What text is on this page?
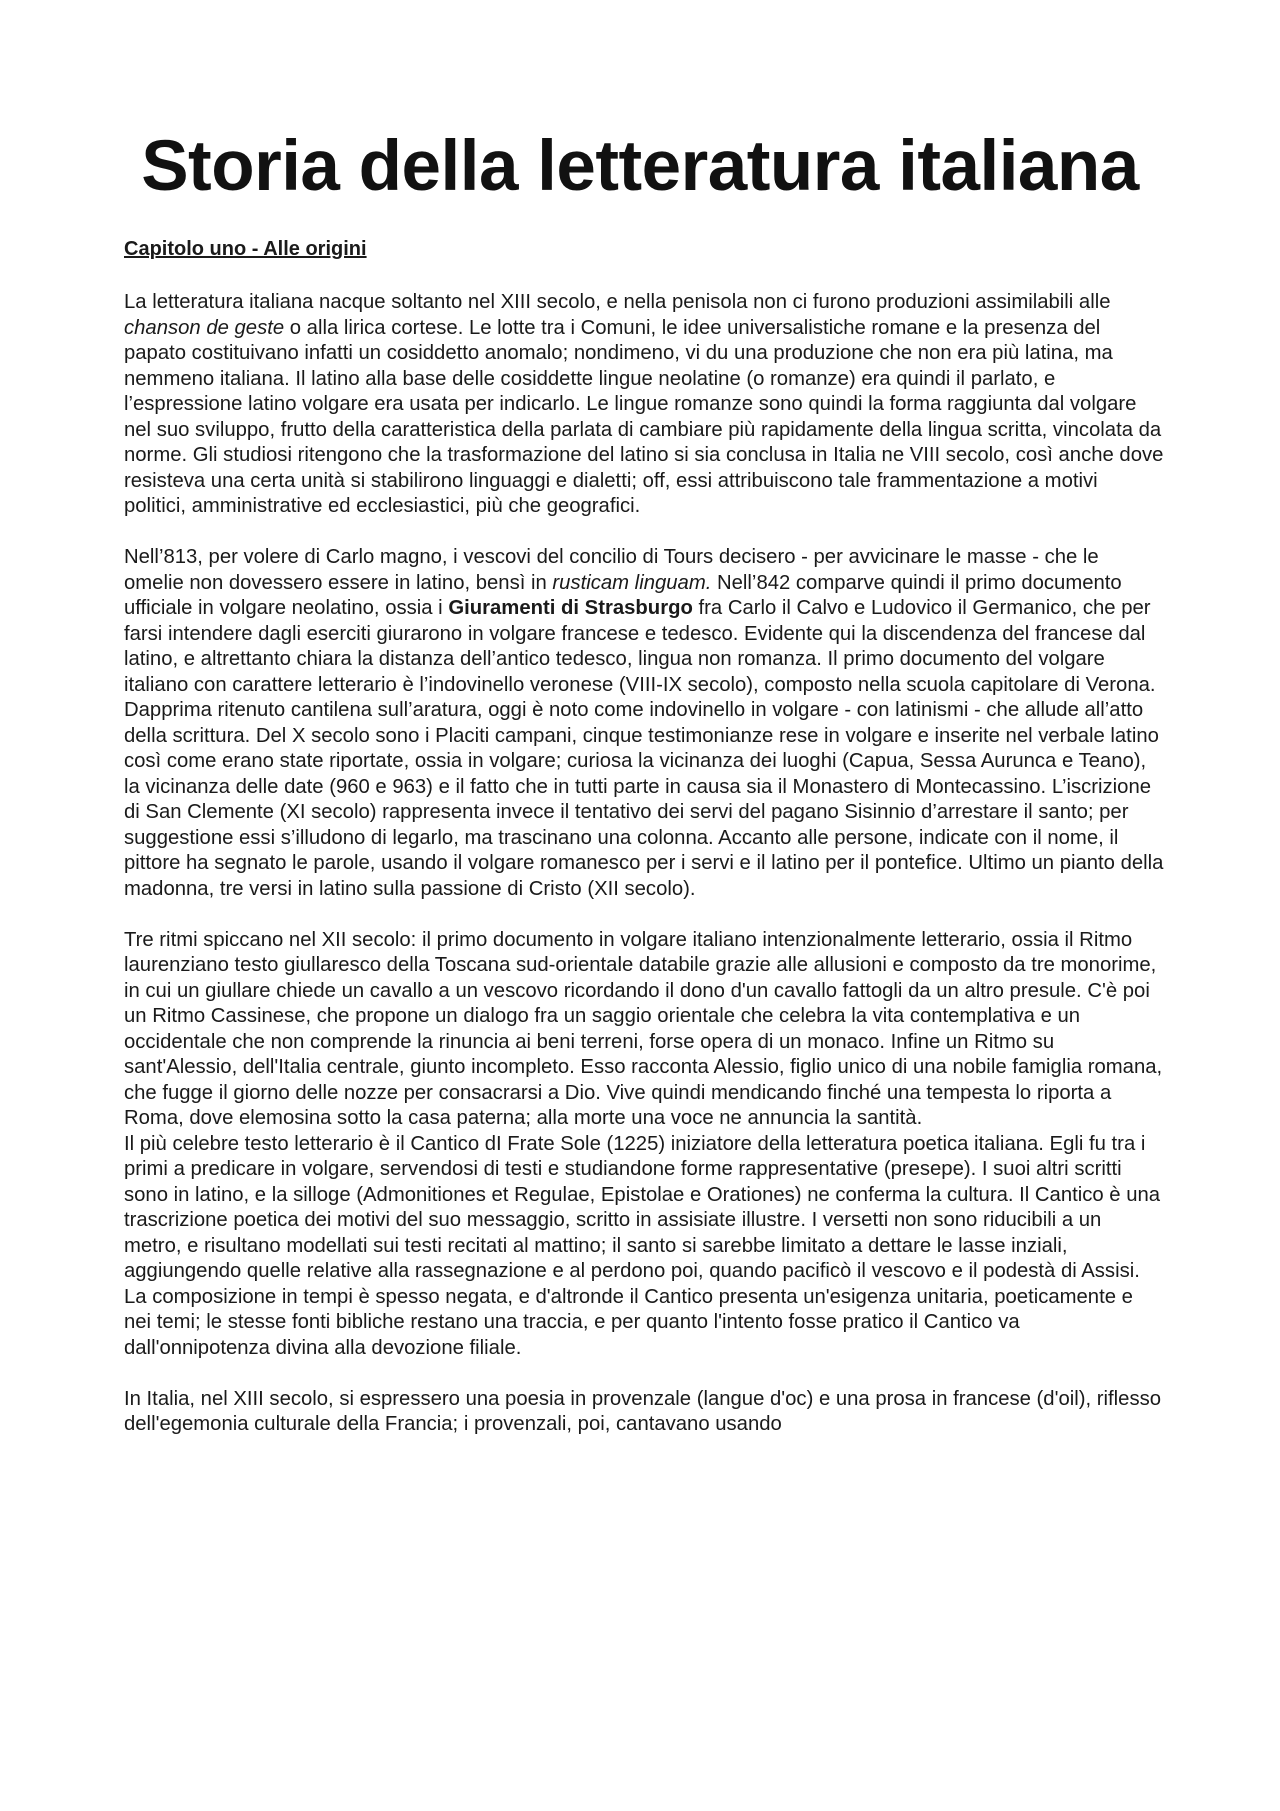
Storia della letteratura italiana
Capitolo uno - Alle origini

La letteratura italiana nacque soltanto nel XIII secolo, e nella penisola non ci furono produzioni assimilabili alle chanson de geste o alla lirica cortese. Le lotte tra i Comuni, le idee universalistiche romane e la presenza del papato costituivano infatti un cosiddetto anomalo; nondimeno, vi du una produzione che non era più latina, ma nemmeno italiana. Il latino alla base delle cosiddette lingue neolatine (o romanze) era quindi il parlato, e l’espressione latino volgare era usata per indicarlo. Le lingue romanze sono quindi la forma raggiunta dal volgare nel suo sviluppo, frutto della caratteristica della parlata di cambiare più rapidamente della lingua scritta, vincolata da norme. Gli studiosi ritengono che la trasformazione del latino si sia conclusa in Italia ne VIII secolo, così anche dove resisteva una certa unità si stabilirono linguaggi e dialetti; off, essi attribuiscono tale frammentazione a motivi politici, amministrative ed ecclesiastici, più che geografici.

Nell’813, per volere di Carlo magno, i vescovi del concilio di Tours decisero - per avvicinare le masse - che le omelie non dovessero essere in latino, bensì in rusticam linguam. Nell’842 comparve quindi il primo documento ufficiale in volgare neolatino, ossia i Giuramenti di Strasburgo fra Carlo il Calvo e Ludovico il Germanico, che per farsi intendere dagli eserciti giurarono in volgare francese e tedesco. Evidente qui la discendenza del francese dal latino, e altrettanto chiara la distanza dell’antico tedesco, lingua non romanza. Il primo documento del volgare italiano con carattere letterario è l’indovinello veronese (VIII-IX secolo), composto nella scuola capitolare di Verona. Dapprima ritenuto cantilena sull’aratura, oggi è noto come indovinello in volgare - con latinismi - che allude all’atto della scrittura. Del X secolo sono i Placiti campani, cinque testimonianze rese in volgare e inserite nel verbale latino così come erano state riportate, ossia in volgare; curiosa la vicinanza dei luoghi (Capua, Sessa Aurunca e Teano), la vicinanza delle date (960 e 963) e il fatto che in tutti parte in causa sia il Monastero di Montecassino. L’iscrizione di San Clemente (XI secolo) rappresenta invece il tentativo dei servi del pagano Sisinnio d’arrestare il santo; per suggestione essi s’illudono di legarlo, ma trascinano una colonna. Accanto alle persone, indicate con il nome, il pittore ha segnato le parole, usando il volgare romanesco per i servi e il latino per il pontefice. Ultimo un pianto della madonna, tre versi in latino sulla passione di Cristo (XII secolo).

Tre ritmi spiccano nel XII secolo: il primo documento in volgare italiano intenzionalmente letterario, ossia il Ritmo laurenziano testo giullaresco della Toscana sud-orientale databile grazie alle allusioni e composto da tre monorime, in cui un giullare chiede un cavallo a un vescovo ricordando il dono d'un cavallo fattogli da un altro presule. C'è poi un Ritmo Cassinese, che propone un dialogo fra un saggio orientale che celebra la vita contemplativa e un occidentale che non comprende la rinuncia ai beni terreni, forse opera di un monaco. Infine un Ritmo su sant'Alessio, dell'Italia centrale, giunto incompleto. Esso racconta Alessio, figlio unico di una nobile famiglia romana, che fugge il giorno delle nozze per consacrarsi a Dio. Vive quindi mendicando finché una tempesta lo riporta a Roma, dove elemosina sotto la casa paterna; alla morte una voce ne annuncia la santità.

Il più celebre testo letterario è il Cantico dI Frate Sole (1225) iniziatore della letteratura poetica italiana. Egli fu tra i primi a predicare in volgare, servendosi di testi e studiandone forme rappresentative (presepe). I suoi altri scritti sono in latino, e la silloge (Admonitiones et Regulae, Epistolae e Orationes) ne conferma la cultura. Il Cantico è una trascrizione poetica dei motivi del suo messaggio, scritto in assisiate illustre. I versetti non sono riducibili a un metro, e risultano modellati sui testi recitati al mattino; il santo si sarebbe limitato a dettare le lasse inziali, aggiungendo quelle relative alla rassegnazione e al perdono poi, quando pacificò il vescovo e il podestà di Assisi. La composizione in tempi è spesso negata, e d'altronde il Cantico presenta un'esigenza unitaria, poeticamente e nei temi; le stesse fonti bibliche restano una traccia, e per quanto l'intento fosse pratico il Cantico va dall'onnipotenza divina alla devozione filiale.

In Italia, nel XIII secolo, si espressero una poesia in provenzale (langue d'oc) e una prosa in francese (d'oil), riflesso dell'egemonia culturale della Francia; i provenzali, poi, cantavano usando
